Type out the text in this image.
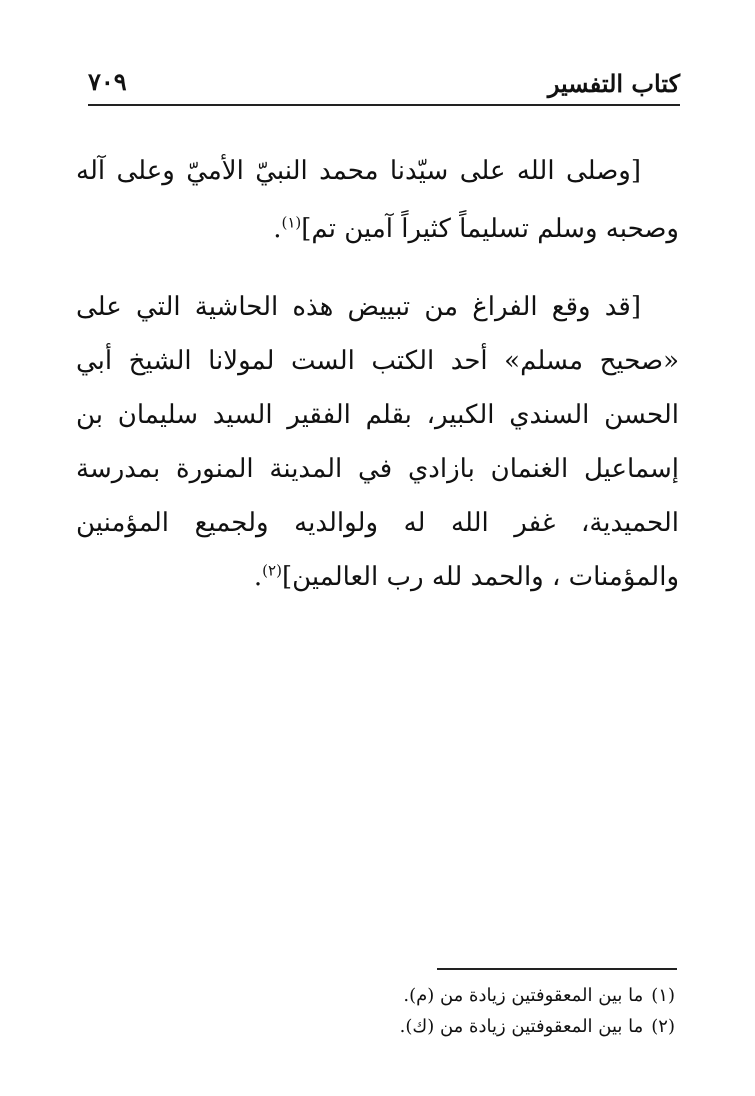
كتاب التفسير
٧٠٩

[وصلى الله على سيّدنا محمد النبيّ الأميّ وعلى آله وصحبه وسلم تسليماً كثيراً آمين تم]$^{(١)}$.

[قد وقع الفراغ من تبييض هذه الحاشية التي على «صحيح مسلم» أحد الكتب الست لمولانا الشيخ أبي الحسن السندي الكبير، بقلم الفقير السيد سليمان بن إسماعيل الغنمان بازادي في المدينة المنورة بمدرسة الحميدية، غفر الله له ولوالديه ولجميع المؤمنين والمؤمنات ، والحمد لله رب العالمين]$^{(٢)}$.

(١)
ما بين المعقوفتين زيادة من (م).
(٢)
ما بين المعقوفتين زيادة من (ك).
